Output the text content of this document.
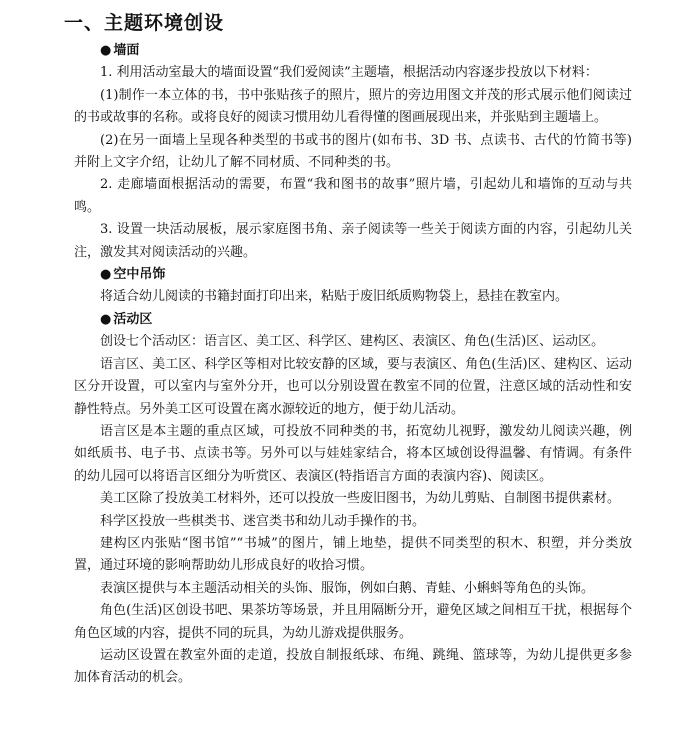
一、主题环境创设
● 墙面

1. 利用活动室最大的墙面设置“我们爱阅读”主题墙，根据活动内容逐步投放以下材料：

(1)制作一本立体的书，书中张贴孩子的照片，照片的旁边用图文并茂的形式展示他们阅读过的书或故事的名称。或将良好的阅读习惯用幼儿看得懂的图画展现出来，并张贴到主题墙上。

(2)在另一面墙上呈现各种类型的书或书的图片(如布书、3D 书、点读书、古代的竹简书等)并附上文字介绍，让幼儿了解不同材质、不同种类的书。

2. 走廊墙面根据活动的需要，布置“我和图书的故事”照片墙，引起幼儿和墙饰的互动与共鸣。

3. 设置一块活动展板，展示家庭图书角、亲子阅读等一些关于阅读方面的内容，引起幼儿关注，激发其对阅读活动的兴趣。

● 空中吊饰

将适合幼儿阅读的书籍封面打印出来，粘贴于废旧纸质购物袋上，悬挂在教室内。

● 活动区

创设七个活动区：语言区、美工区、科学区、建构区、表演区、角色(生活)区、运动区。

语言区、美工区、科学区等相对比较安静的区域，要与表演区、角色(生活)区、建构区、运动区分开设置，可以室内与室外分开，也可以分别设置在教室不同的位置，注意区域的活动性和安静性特点。另外美工区可设置在离水源较近的地方，便于幼儿活动。

语言区是本主题的重点区域，可投放不同种类的书，拓宽幼儿视野，激发幼儿阅读兴趣，例如纸质书、电子书、点读书等。另外可以与娃娃家结合，将本区域创设得温馨、有情调。有条件的幼儿园可以将语言区细分为听赏区、表演区(特指语言方面的表演内容)、阅读区。

美工区除了投放美工材料外，还可以投放一些废旧图书，为幼儿剪贴、自制图书提供素材。

科学区投放一些棋类书、迷宫类书和幼儿动手操作的书。

建构区内张贴“图书馆”“书城”的图片，铺上地垫，提供不同类型的积木、积塑，并分类放置，通过环境的影响帮助幼儿形成良好的收拾习惯。

表演区提供与本主题活动相关的头饰、服饰，例如白鹅、青蛙、小蝌蚪等角色的头饰。

角色(生活)区创设书吧、果茶坊等场景，并且用隔断分开，避免区域之间相互干扰，根据每个角色区域的内容，提供不同的玩具，为幼儿游戏提供服务。

运动区设置在教室外面的走道，投放自制报纸球、布绳、跳绳、篮球等，为幼儿提供更多参加体育活动的机会。
